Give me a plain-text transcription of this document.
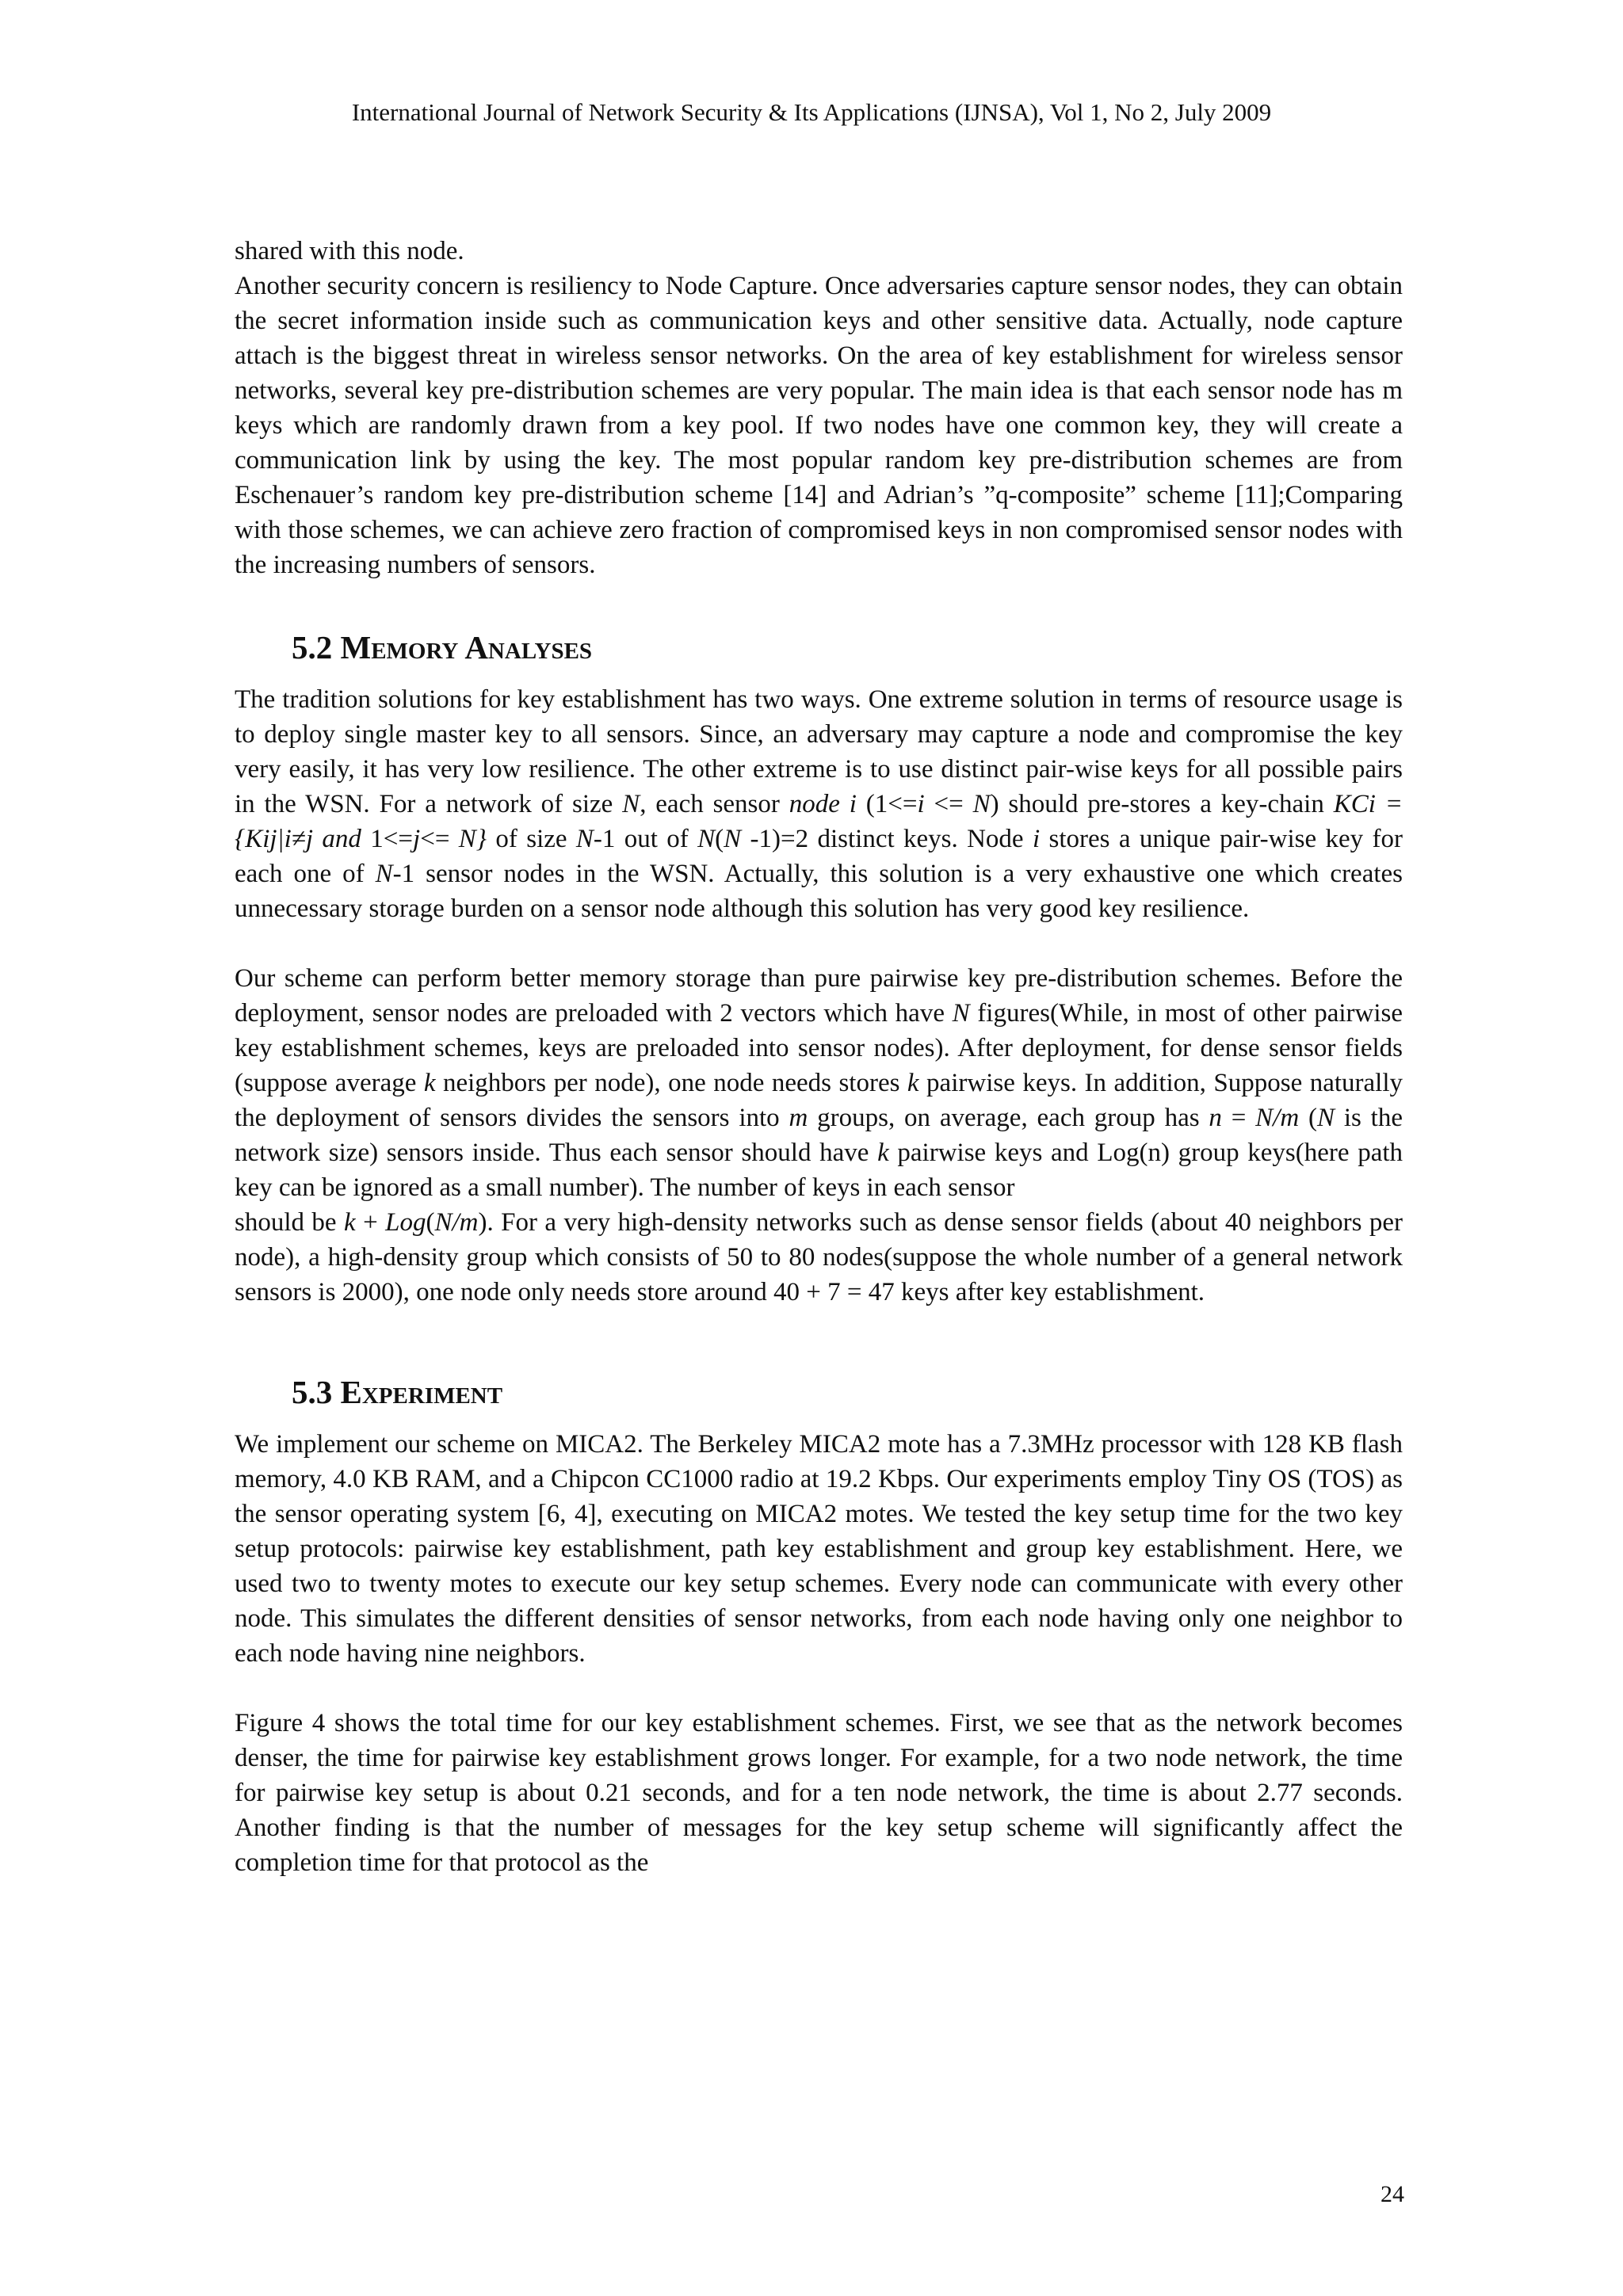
International Journal of Network Security & Its Applications (IJNSA), Vol 1, No 2, July 2009

shared with this node.

Another security concern is resiliency to Node Capture. Once adversaries capture sensor nodes, they can obtain the secret information inside such as communication keys and other sensitive data. Actually, node capture attach is the biggest threat in wireless sensor networks. On the area of key establishment for wireless sensor networks, several key pre-distribution schemes are very popular. The main idea is that each sensor node has m keys which are randomly drawn from a key pool. If two nodes have one common key, they will create a communication link by using the key. The most popular random key pre-distribution schemes are from Eschenauer’s random key pre-distribution scheme [14] and Adrian’s ”q-composite” scheme [11];Comparing with those schemes, we can achieve zero fraction of compromised keys in non compromised sensor nodes with the increasing numbers of sensors.

5.2 Memory Analyses

The tradition solutions for key establishment has two ways. One extreme solution in terms of resource usage is to deploy single master key to all sensors. Since, an adversary may capture a node and compromise the key very easily, it has very low resilience. The other extreme is to use distinct pair-wise keys for all possible pairs in the WSN. For a network of size N, each sensor node i (1<=i <= N) should pre-stores a key-chain KCi = {Kij|i≠j and 1<=j<= N} of size N-1 out of N(N -1)=2 distinct keys. Node i stores a unique pair-wise key for each one of N-1 sensor nodes in the WSN. Actually, this solution is a very exhaustive one which creates unnecessary storage burden on a sensor node although this solution has very good key resilience.

Our scheme can perform better memory storage than pure pairwise key pre-distribution schemes. Before the deployment, sensor nodes are preloaded with 2 vectors which have N figures(While, in most of other pairwise key establishment schemes, keys are preloaded into sensor nodes). After deployment, for dense sensor fields (suppose average k neighbors per node), one node needs stores k pairwise keys. In addition, Suppose naturally the deployment of sensors divides the sensors into m groups, on average, each group has n = N/m (N is the network size) sensors inside. Thus each sensor should have k pairwise keys and Log(n) group keys(here path key can be ignored as a small number). The number of keys in each sensor

should be k + Log(N/m). For a very high-density networks such as dense sensor fields (about 40 neighbors per node), a high-density group which consists of 50 to 80 nodes(suppose the whole number of a general network sensors is 2000), one node only needs store around 40 + 7 = 47 keys after key establishment.

5.3 Experiment

We implement our scheme on MICA2. The Berkeley MICA2 mote has a 7.3MHz processor with 128 KB flash memory, 4.0 KB RAM, and a Chipcon CC1000 radio at 19.2 Kbps. Our experiments employ Tiny OS (TOS) as the sensor operating system [6, 4], executing on MICA2 motes. We tested the key setup time for the two key setup protocols: pairwise key establishment, path key establishment and group key establishment. Here, we used two to twenty motes to execute our key setup schemes. Every node can communicate with every other node. This simulates the different densities of sensor networks, from each node having only one neighbor to each node having nine neighbors.

Figure 4 shows the total time for our key establishment schemes. First, we see that as the network becomes denser, the time for pairwise key establishment grows longer. For example, for a two node network, the time for pairwise key setup is about 0.21 seconds, and for a ten node network, the time is about 2.77 seconds. Another finding is that the number of messages for the key setup scheme will significantly affect the completion time for that protocol as the

24
